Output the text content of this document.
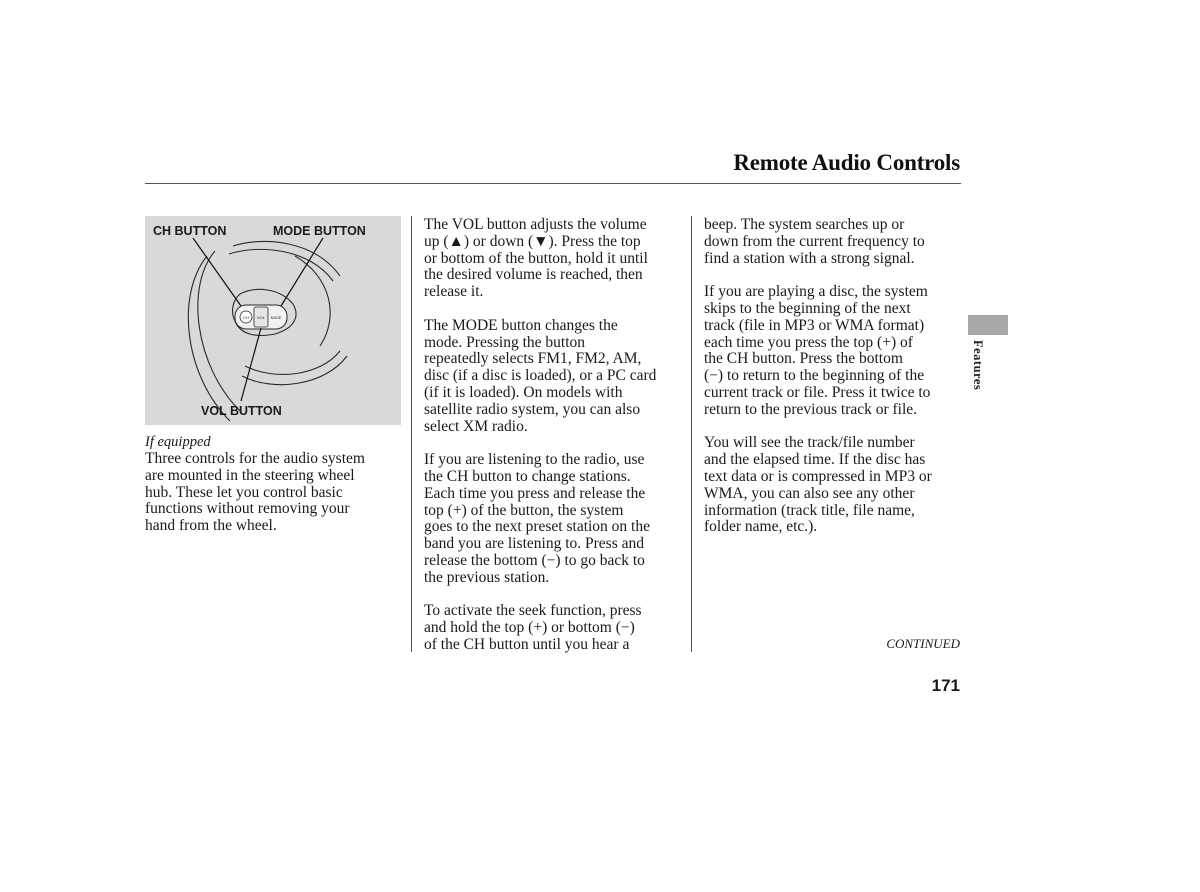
Remote Audio Controls
CH VOL MODE
CH BUTTON	MODE BUTTON
VOL BUTTON
If equipped

Three controls for the audio system
are mounted in the steering wheel
hub. These let you control basic
functions without removing your
hand from the wheel.

The VOL button adjusts the volume
up (▲) or down (▼). Press the top
or bottom of the button, hold it until
the desired volume is reached, then
release it.

The MODE button changes the
mode. Pressing the button
repeatedly selects FM1, FM2, AM,
disc (if a disc is loaded), or a PC card
(if it is loaded). On models with
satellite radio system, you can also
select XM radio.

If you are listening to the radio, use
the CH button to change stations.
Each time you press and release the
top (+) of the button, the system
goes to the next preset station on the
band you are listening to. Press and
release the bottom (−) to go back to
the previous station.

To activate the seek function, press
and hold the top (+) or bottom (−)
of the CH button until you hear a

beep. The system searches up or
down from the current frequency to
find a station with a strong signal.

If you are playing a disc, the system
skips to the beginning of the next
track (file in MP3 or WMA format)
each time you press the top (+) of
the CH button. Press the bottom
(−) to return to the beginning of the
current track or file. Press it twice to
return to the previous track or file.

You will see the track/file number
and the elapsed time. If the disc has
text data or is compressed in MP3 or
WMA, you can also see any other
information (track title, file name,
folder name, etc.).

Features
CONTINUED
171
